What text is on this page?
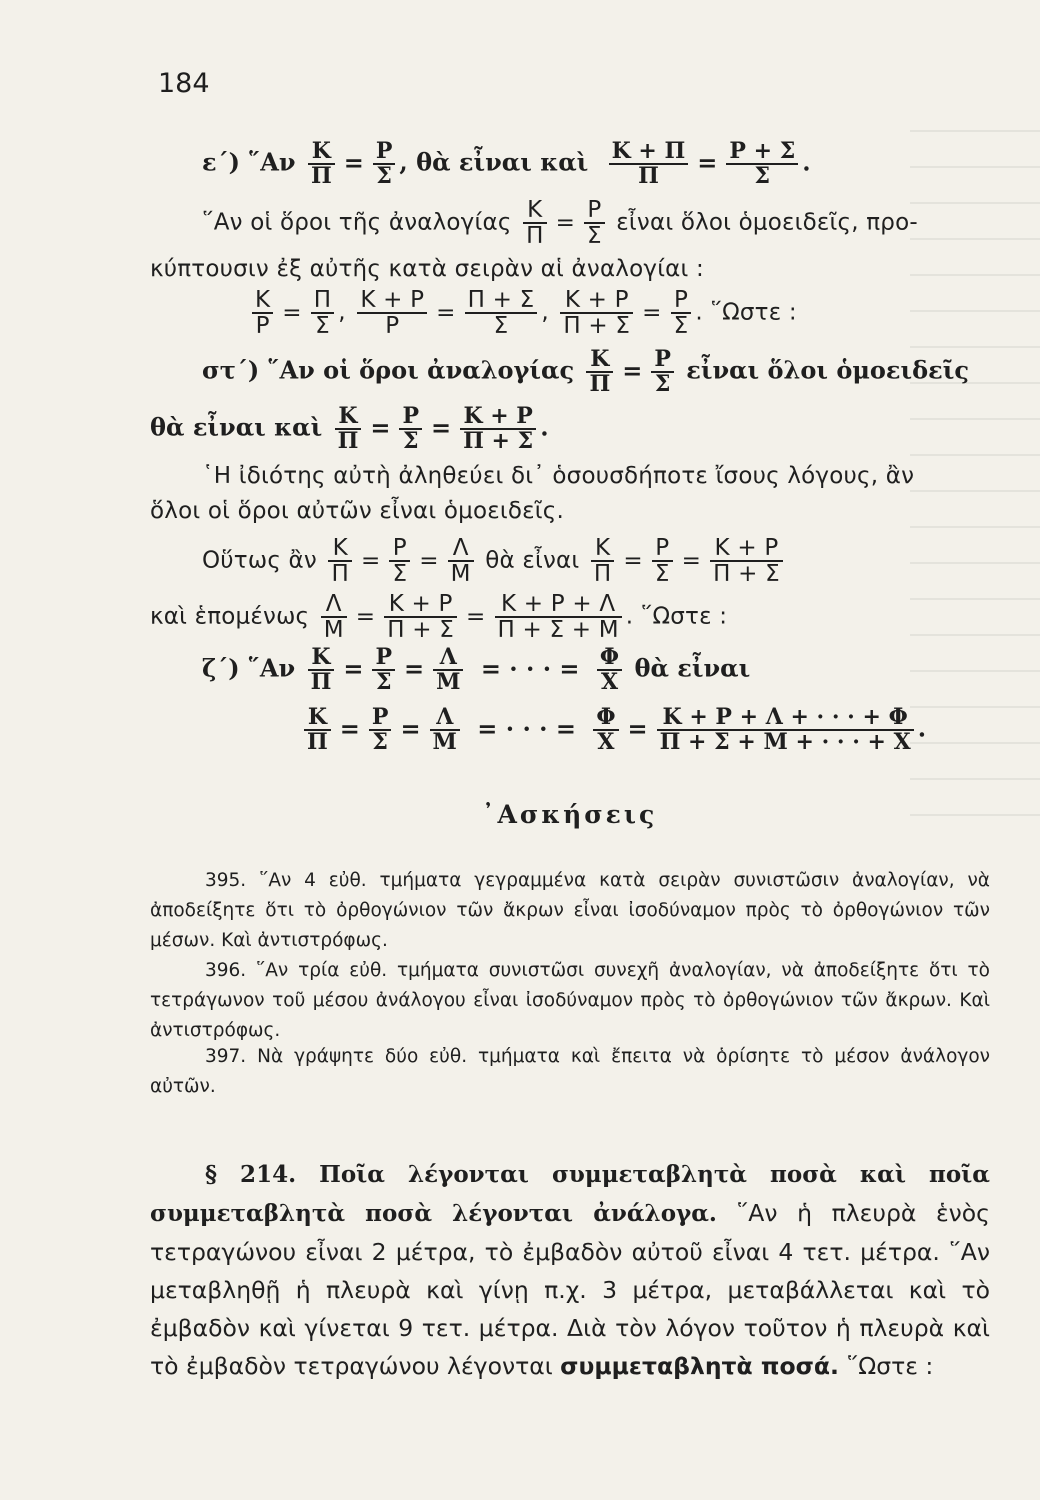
184
ε΄) ῞Αν $\frac{K}{\Pi} = \frac{P}{\Sigma}$ , θὰ εἶναι καὶ $\frac{K + \Pi}{\Pi} = \frac{P + \Sigma}{\Sigma}$ .
῞Αν οἱ ὅροι τῆς ἀναλογίας $\frac{K}{\Pi} = \frac{P}{\Sigma}$ εἶναι ὅλοι ὁμοειδεῖς, προ-
κύπτουσιν ἐξ αὐτῆς κατὰ σειρὰν αἱ ἀναλογίαι :
$\frac{K}{P} = \frac{\Pi}{\Sigma}$ , $\frac{K + P}{P} = \frac{\Pi + \Sigma}{\Sigma}$ , $\frac{K + P}{\Pi + \Sigma} = \frac{P}{\Sigma}$ . ῞Ωστε :
στ΄) ῞Αν οἱ ὅροι ἀναλογίας $\frac{K}{\Pi} = \frac{P}{\Sigma}$ εἶναι ὅλοι ὁμοειδεῖς
θὰ εἶναι καὶ $\frac{K}{\Pi} = \frac{P}{\Sigma} = \frac{K + P}{\Pi + \Sigma}$ .
῾Η ἰδιότης αὐτὴ ἀληθεύει δι᾽ ὁσουσδήποτε ἴσους λόγους, ἂν
ὅλοι οἱ ὅροι αὐτῶν εἶναι ὁμοειδεῖς.
Οὕτως ἂν $\frac{K}{\Pi} = \frac{P}{\Sigma} = \frac{\Lambda}{M}$ θὰ εἶναι $\frac{K}{\Pi} = \frac{P}{\Sigma} = \frac{K + P}{\Pi + \Sigma}$
καὶ ἑπομένως $\frac{\Lambda}{M} = \frac{K + P}{\Pi + \Sigma} = \frac{K + P + \Lambda}{\Pi + \Sigma + M}$ . ῞Ωστε :
ζ΄) ῞Αν $\frac{K}{\Pi} = \frac{P}{\Sigma} = \frac{\Lambda}{M}$ = · · · = $\frac{\Phi}{X}$ θὰ εἶναι
$\frac{K}{\Pi} = \frac{P}{\Sigma} = \frac{\Lambda}{M}$ = · · · = $\frac{\Phi}{X} = \frac{K + P + \Lambda + \cdot \cdot \cdot + \Phi}{\Pi + \Sigma + M + \cdot \cdot \cdot + X}$ .
᾿Ασκήσεις
395. ῞Αν 4 εὐθ. τμήματα γεγραμμένα κατὰ σειρὰν συνιστῶσιν ἀναλογίαν, νὰ ἀποδείξητε ὅτι τὸ ὀρθογώνιον τῶν ἄκρων εἶναι ἰσοδύναμον πρὸς τὸ ὀρθογώνιον τῶν μέσων. Καὶ ἀντιστρόφως.
396. ῞Αν τρία εὐθ. τμήματα συνιστῶσι συνεχῆ ἀναλογίαν, νὰ ἀποδείξητε ὅτι τὸ τετράγωνον τοῦ μέσου ἀνάλογου εἶναι ἰσοδύναμον πρὸς τὸ ὀρθογώνιον τῶν ἄκρων. Καὶ ἀντιστρόφως.
397. Νὰ γράψητε δύο εὐθ. τμήματα καὶ ἔπειτα νὰ ὁρίσητε τὸ μέσον ἀνάλογον αὐτῶν.
§ 214. Ποῖα λέγονται συμμεταβλητὰ ποσὰ καὶ ποῖα συμμεταβλητὰ ποσὰ λέγονται ἀνάλογα. ῞Αν ἡ πλευρὰ ἑνὸς τετραγώνου εἶναι 2 μέτρα, τὸ ἐμβαδὸν αὐτοῦ εἶναι 4 τετ. μέτρα. ῞Αν μεταβληθῇ ἡ πλευρὰ καὶ γίνῃ π.χ. 3 μέτρα, μεταβάλλεται καὶ τὸ ἐμβαδὸν καὶ γίνεται 9 τετ. μέτρα. Διὰ τὸν λόγον τοῦτον ἡ πλευρὰ καὶ τὸ ἐμβαδὸν τετραγώνου λέγονται συμμεταβλητὰ ποσά. ῞Ωστε :
